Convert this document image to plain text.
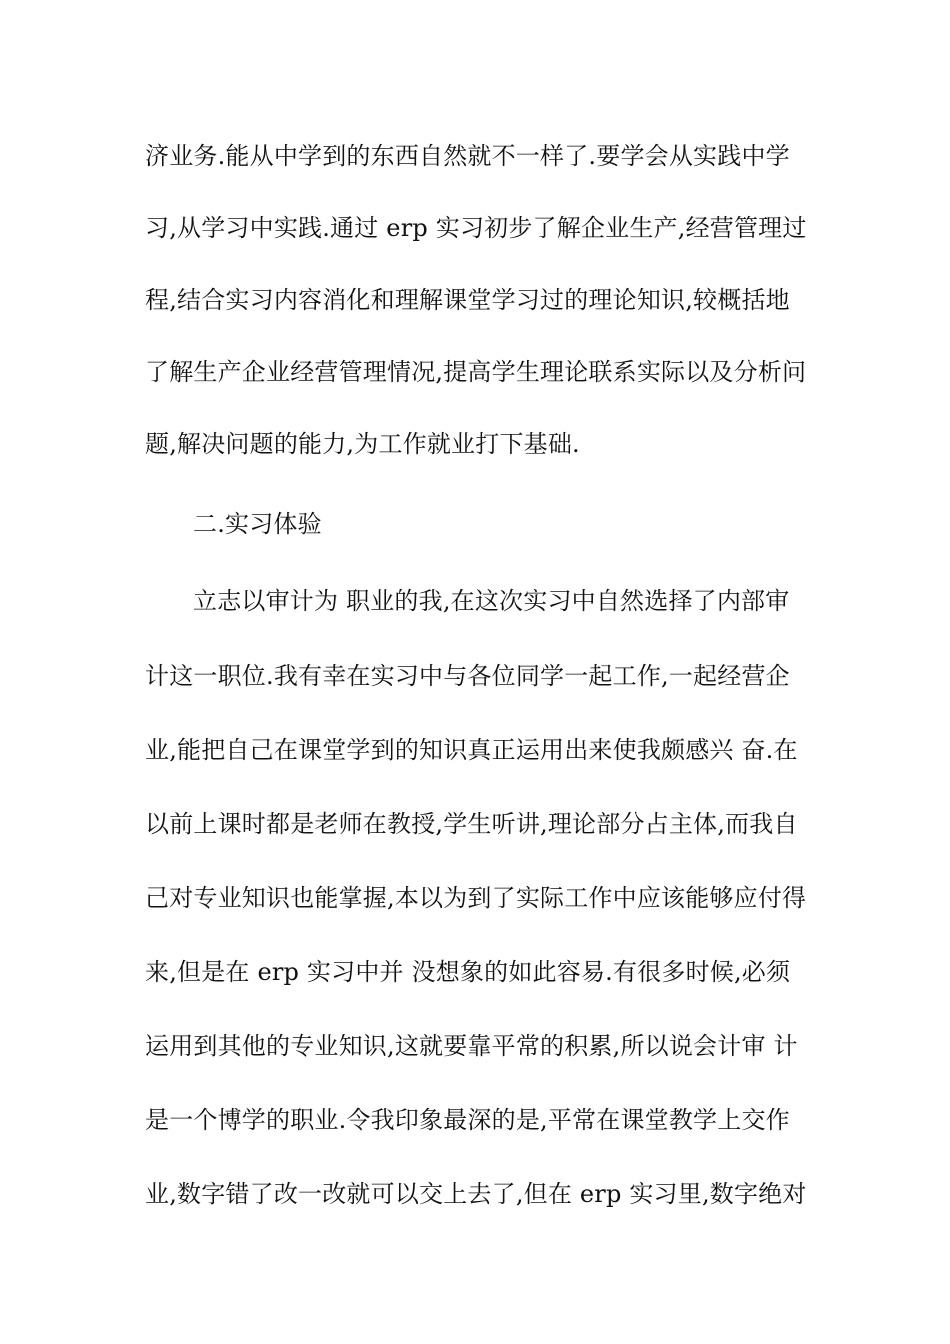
济业务.能从中学到的东西自然就不一样了.要学会从实践中学
习,从学习中实践.通过 erp 实习初步了解企业生产,经营管理过
程,结合实习内容消化和理解课堂学习过的理论知识,较概括地
了解生产企业经营管理情况,提高学生理论联系实际以及分析问
题,解决问题的能力,为工作就业打下基础.
二.实习体验
立志以审计为 职业的我,在这次实习中自然选择了内部审
计这一职位.我有幸在实习中与各位同学一起工作,一起经营企
业,能把自己在课堂学到的知识真正运用出来使我颇感兴 奋.在
以前上课时都是老师在教授,学生听讲,理论部分占主体,而我自
己对专业知识也能掌握,本以为到了实际工作中应该能够应付得
来,但是在 erp 实习中并 没想象的如此容易.有很多时候,必须
运用到其他的专业知识,这就要靠平常的积累,所以说会计审 计
是一个博学的职业.令我印象最深的是,平常在课堂教学上交作
业,数字错了改一改就可以交上去了,但在 erp 实习里,数字绝对
